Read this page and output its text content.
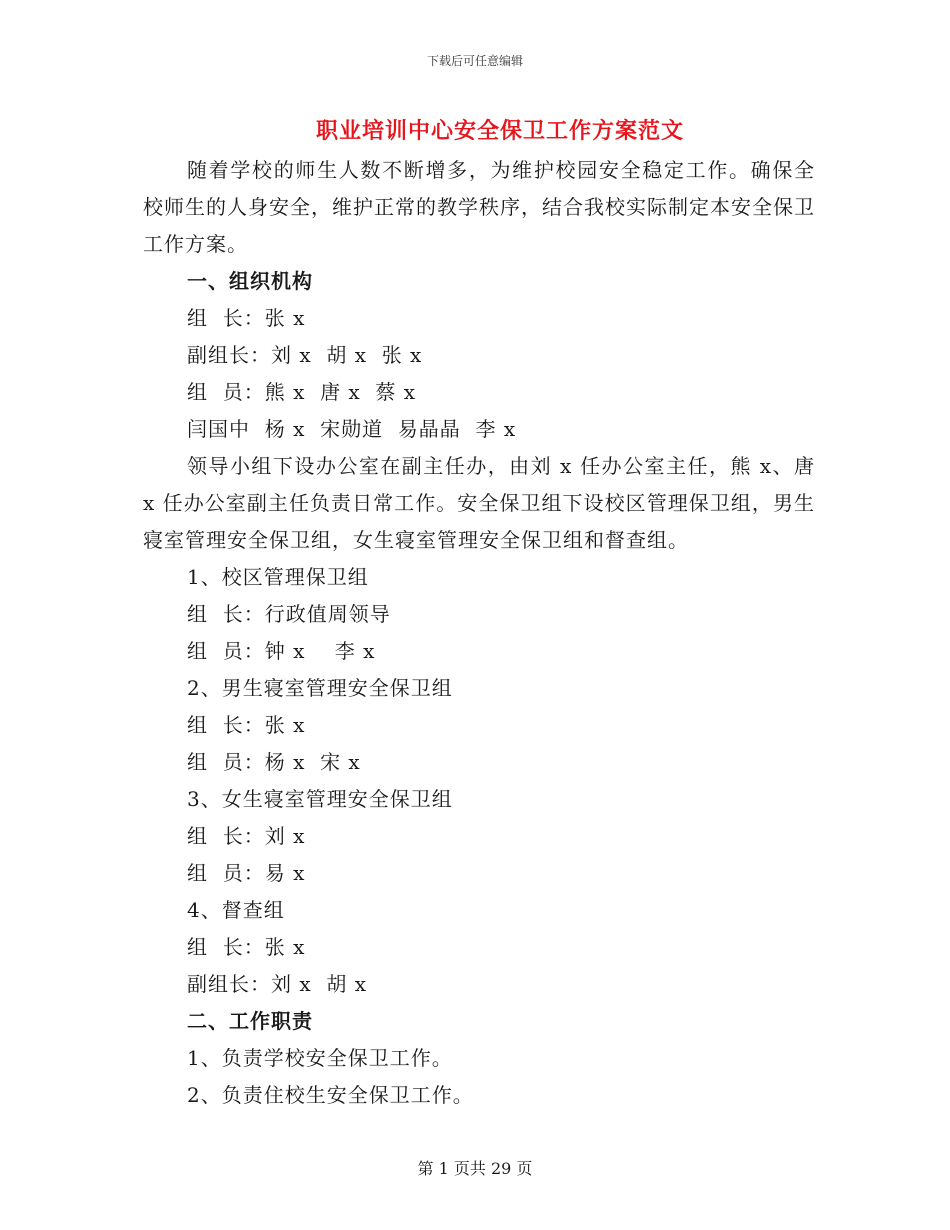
下载后可任意编辑
职业培训中心安全保卫工作方案范文
随着学校的师生人数不断增多，为维护校园安全稳定工作。确保全校师生的人身安全，维护正常的教学秩序，结合我校实际制定本安全保卫工作方案。
一、组织机构
组  长：张 x
副组长：刘 x  胡 x  张 x
组  员：熊 x  唐 x  蔡 x
闫国中  杨 x  宋勋道  易晶晶  李 x
领导小组下设办公室在副主任办，由刘 x 任办公室主任，熊 x、唐 x 任办公室副主任负责日常工作。安全保卫组下设校区管理保卫组，男生寝室管理安全保卫组，女生寝室管理安全保卫组和督查组。
1、校区管理保卫组
组  长：行政值周领导
组  员：钟 x    李 x
2、男生寝室管理安全保卫组
组  长：张 x
组  员：杨 x  宋 x
3、女生寝室管理安全保卫组
组  长：刘 x
组  员：易 x
4、督查组
组  长：张 x
副组长：刘 x  胡 x
二、工作职责
1、负责学校安全保卫工作。
2、负责住校生安全保卫工作。
第 1 页共 29 页
